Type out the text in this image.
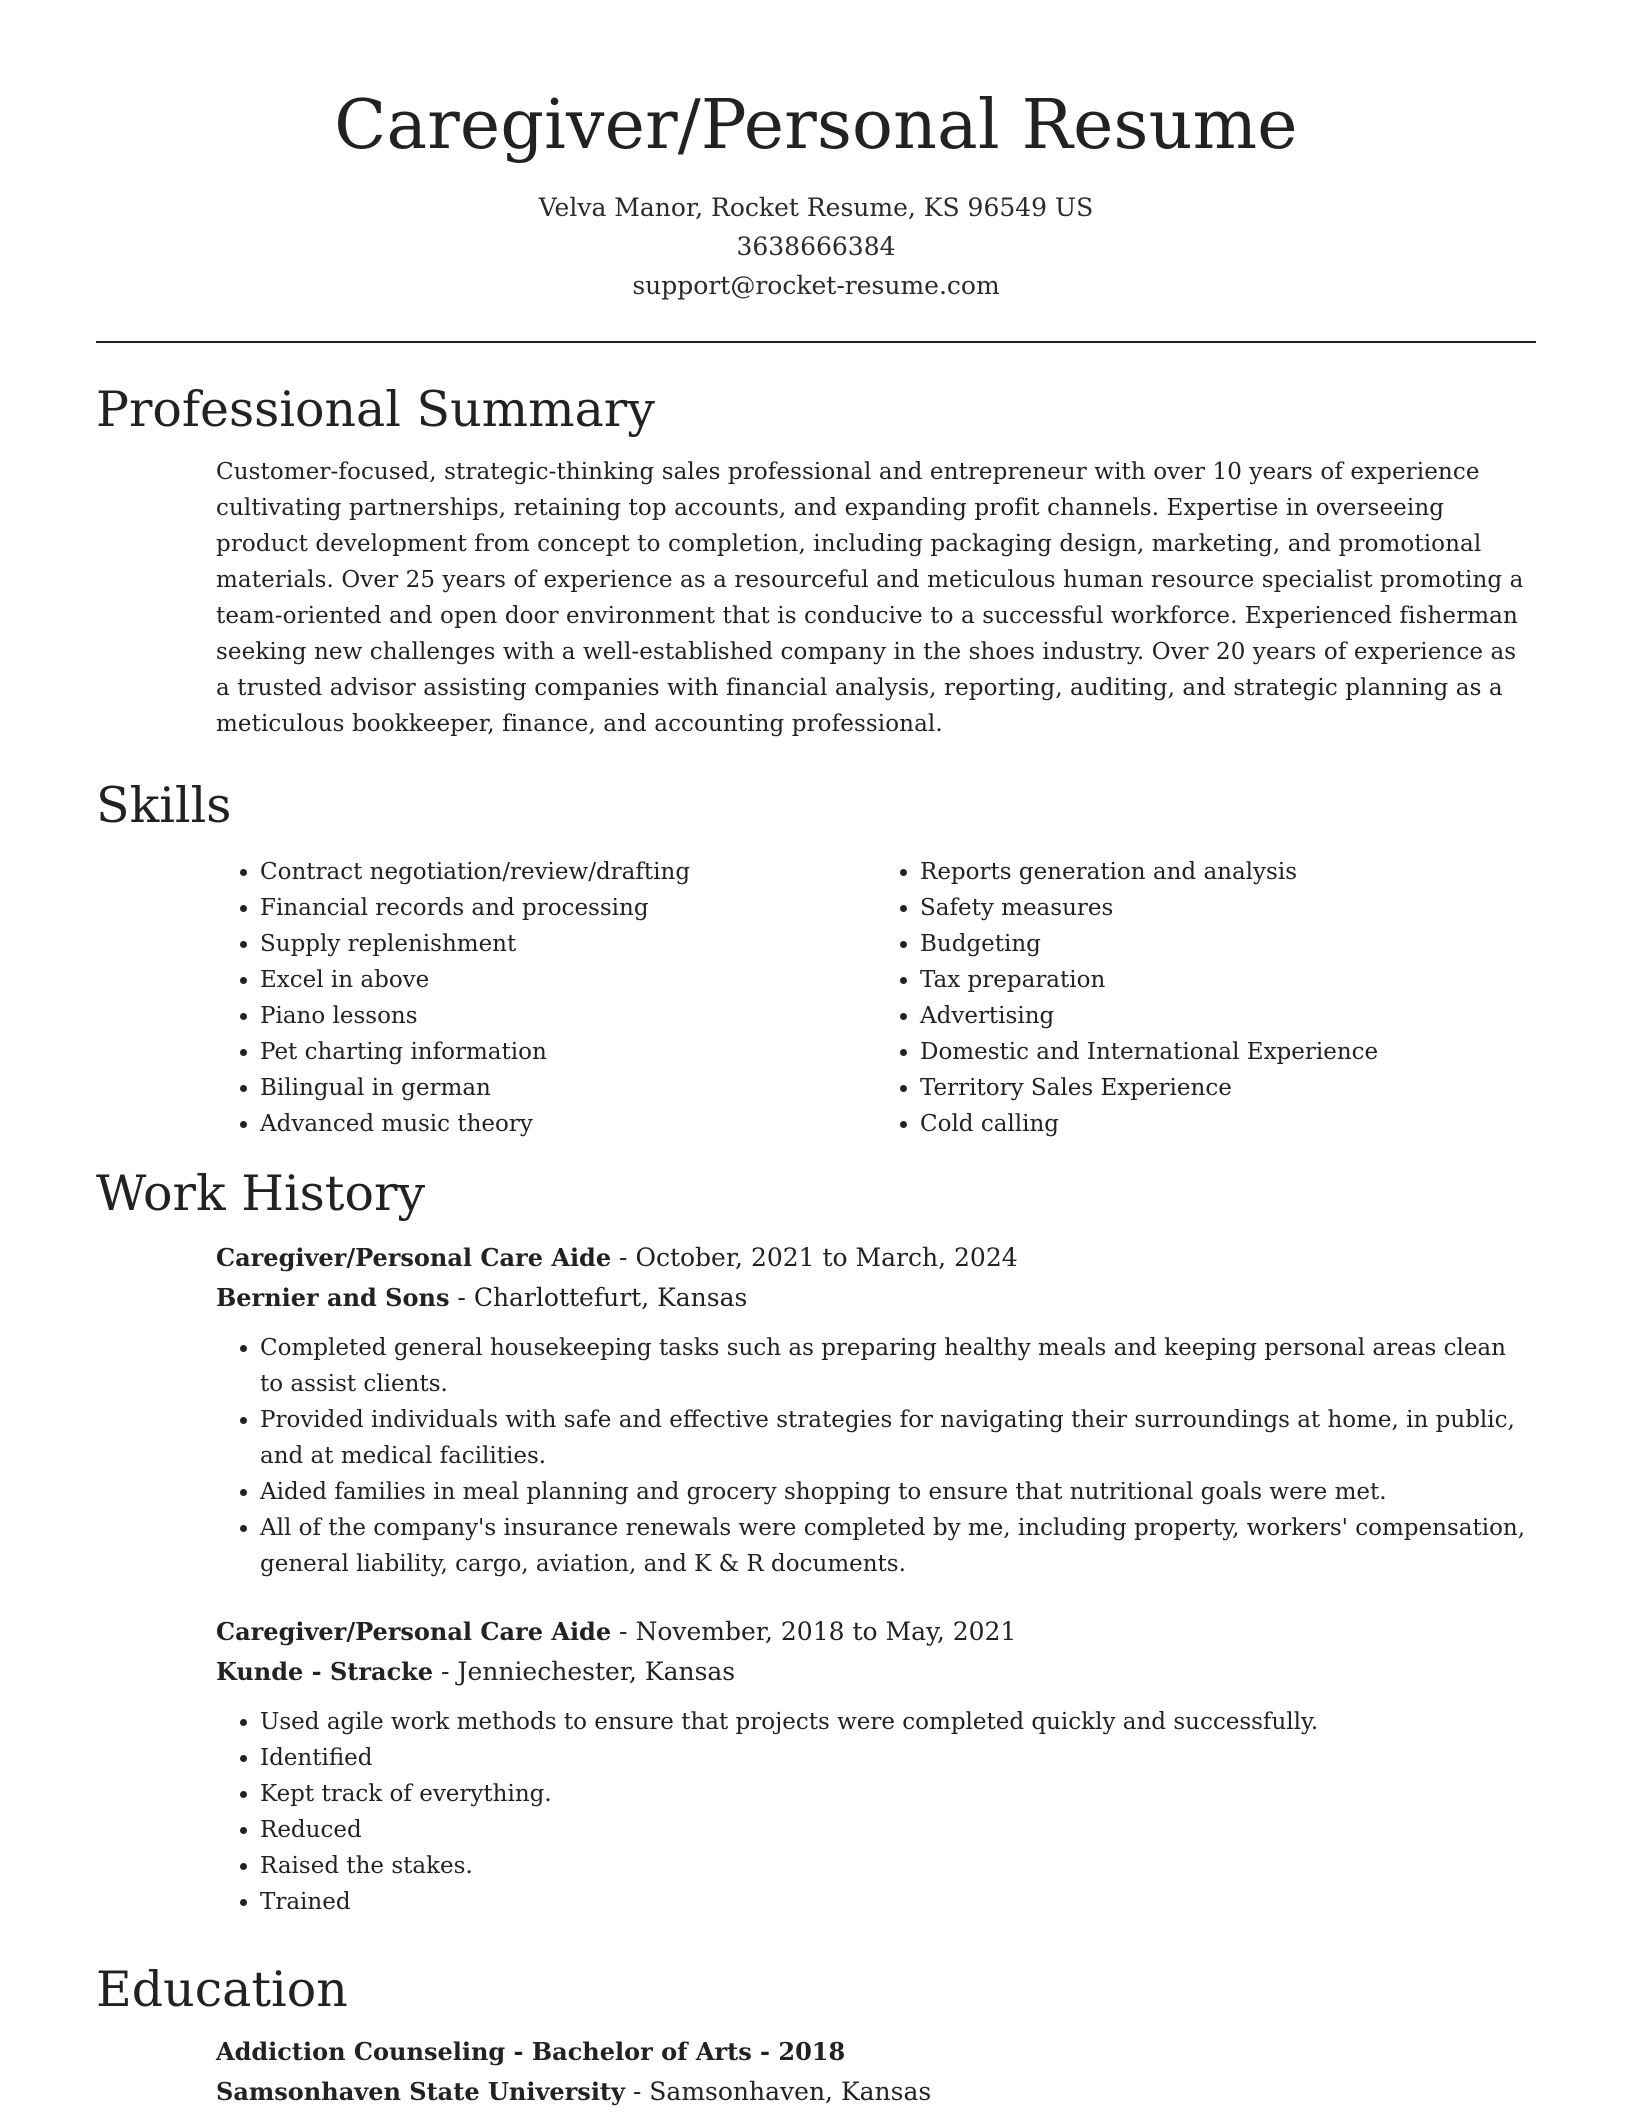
Caregiver/Personal Resume
Velva Manor, Rocket Resume, KS 96549 US
3638666384
support@rocket-resume.com
Professional Summary

Customer-focused, strategic-thinking sales professional and entrepreneur with over 10 years of experience cultivating partnerships, retaining top accounts, and expanding profit channels. Expertise in overseeing product development from concept to completion, including packaging design, marketing, and promotional materials. Over 25 years of experience as a resourceful and meticulous human resource specialist promoting a team-oriented and open door environment that is conducive to a successful workforce. Experienced fisherman seeking new challenges with a well-established company in the shoes industry. Over 20 years of experience as a trusted advisor assisting companies with financial analysis, reporting, auditing, and strategic planning as a meticulous bookkeeper, finance, and accounting professional.

Skills
• Contract negotiation/review/drafting
• Financial records and processing
• Supply replenishment
• Excel in above
• Piano lessons
• Pet charting information
• Bilingual in german
• Advanced music theory
• Reports generation and analysis
• Safety measures
• Budgeting
• Tax preparation
• Advertising
• Domestic and International Experience
• Territory Sales Experience
• Cold calling
Work History

Caregiver/Personal Care Aide - October, 2021 to March, 2024

Bernier and Sons - Charlottefurt, Kansas

• Completed general housekeeping tasks such as preparing healthy meals and keeping personal areas clean to assist clients.
• Provided individuals with safe and effective strategies for navigating their surroundings at home, in public, and at medical facilities.
• Aided families in meal planning and grocery shopping to ensure that nutritional goals were met.
• All of the company's insurance renewals were completed by me, including property, workers' compensation, general liability, cargo, aviation, and K & R documents.

Caregiver/Personal Care Aide - November, 2018 to May, 2021

Kunde - Stracke - Jenniechester, Kansas

• Used agile work methods to ensure that projects were completed quickly and successfully.
• Identified
• Kept track of everything.
• Reduced
• Raised the stakes.
• Trained
Education

Addiction Counseling - Bachelor of Arts - 2018

Samsonhaven State University - Samsonhaven, Kansas
